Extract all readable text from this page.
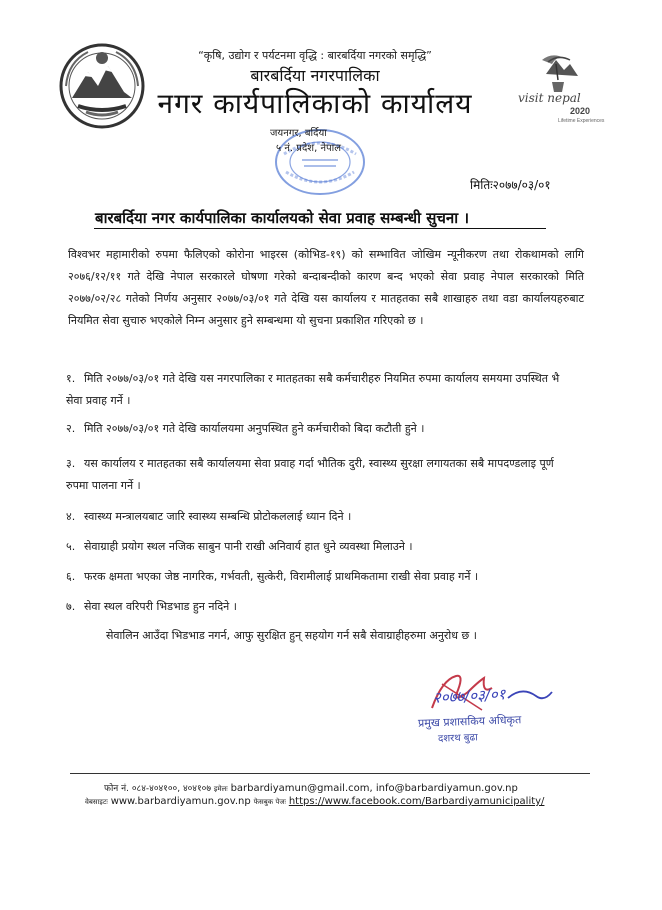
“कृषि, उद्योग र पर्यटनमा वृद्धि : बारबर्दिया नगरको समृद्धि”
बारबर्दिया नगरपालिका
नगर कार्यपालिकाको कार्यालय	visit nepal
2020
Lifetime Experiences
जयनगर, बर्दिया
५ नं. प्रदेश, नेपाल
मितिः२०७७/०३/०१
बारबर्दिया नगर कार्यपालिका कार्यालयको सेवा प्रवाह सम्बन्धी सुचना ।
विश्वभर महामारीको रुपमा फैलिएको कोरोना भाइरस (कोभिड-१९) को सम्भावित जोखिम न्यूनीकरण तथा रोकथामको लागि २०७६/१२/११ गते देखि नेपाल सरकारले घोषणा गरेको बन्दाबन्दीको कारण बन्द भएको सेवा प्रवाह नेपाल सरकारको मिति २०७७/०२/२८ गतेको निर्णय अनुसार २०७७/०३/०१ गते देखि यस कार्यालय र मातहतका सबै शाखाहरु तथा वडा कार्यालयहरुबाट नियमित सेवा सुचारु भएकोले निम्न अनुसार हुने सम्बन्धमा यो सुचना प्रकाशित गरिएको छ ।
१. मिति २०७७/०३/०१ गते देखि यस नगरपालिका र मातहतका सबै कर्मचारीहरु नियमित रुपमा कार्यालय समयमा उपस्थित भै सेवा प्रवाह गर्ने ।
२. मिति २०७७/०३/०१ गते देखि कार्यालयमा अनुपस्थित हुने कर्मचारीको बिदा कटौती हुने ।
३. यस कार्यालय र मातहतका सबै कार्यालयमा सेवा प्रवाह गर्दा भौतिक दुरी, स्वास्थ्य सुरक्षा लगायतका सबै मापदण्डलाइ पूर्ण रुपमा पालना गर्ने ।
४. स्वास्थ्य मन्त्रालयबाट जारि स्वास्थ्य सम्बन्धि प्रोटोकललाई ध्यान दिने ।
५. सेवाग्राही प्रयोग स्थल नजिक साबुन पानी राखी अनिवार्य हात धुने व्यवस्था मिलाउने ।
६. फरक क्षमता भएका जेष्ठ नागरिक, गर्भवती, सुत्केरी, विरामीलाई प्राथमिकतामा राखी सेवा प्रवाह गर्ने ।
७. सेवा स्थल वरिपरी भिडभाड हुन नदिने ।
सेवालिन आउँदा भिडभाड नगर्न, आफु सुरक्षित हुन् सहयोग गर्न सबै सेवाग्राहीहरुमा अनुरोध छ ।
२०७७/०३/०१
प्रमुख प्रशासकिय अधिकृत
दशरथ बुढा
फोन नं. ०८४-४०४१००, ४०४१०७ इमेलः barbardiyamun@gmail.com, info@barbardiyamun.gov.np
वेबसाइटः www.barbardiyamun.gov.np फेसबुक पेजः https://www.facebook.com/Barbardiyamunicipality/
